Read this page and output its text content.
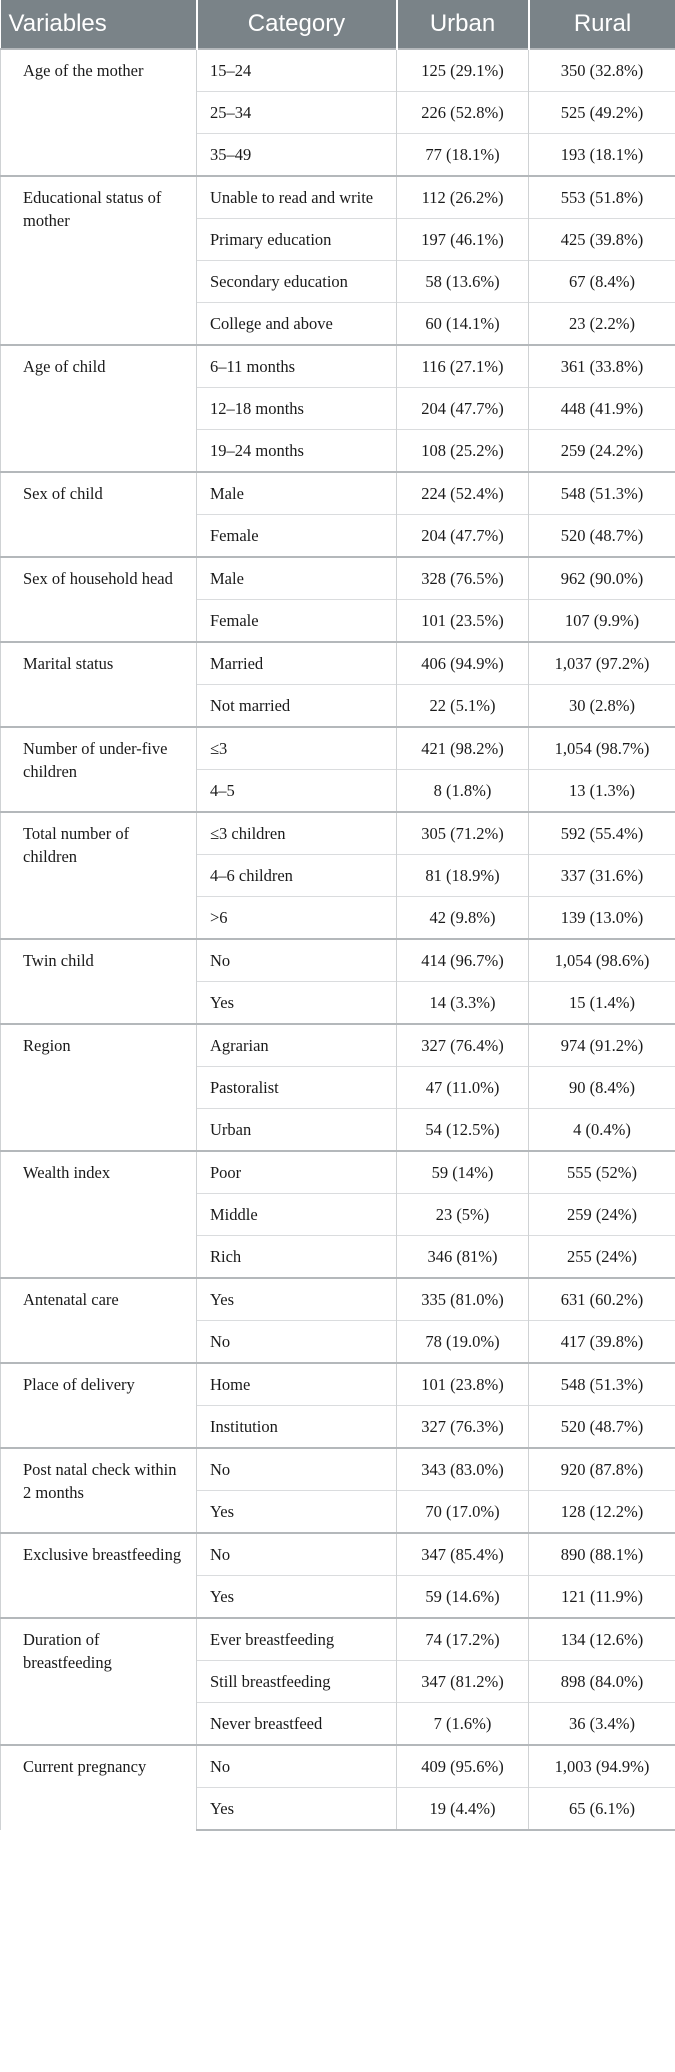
Variables	Category	Urban	Rural
Age of the mother	15–24	125 (29.1%)	350 (32.8%)
	25–34	226 (52.8%)	525 (49.2%)
	35–49	77 (18.1%)	193 (18.1%)
Educational status of mother	Unable to read and write	112 (26.2%)	553 (51.8%)
	Primary education	197 (46.1%)	425 (39.8%)
	Secondary education	58 (13.6%)	67 (8.4%)
	College and above	60 (14.1%)	23 (2.2%)
Age of child	6–11 months	116 (27.1%)	361 (33.8%)
	12–18 months	204 (47.7%)	448 (41.9%)
	19–24 months	108 (25.2%)	259 (24.2%)
Sex of child	Male	224 (52.4%)	548 (51.3%)
	Female	204 (47.7%)	520 (48.7%)
Sex of household head	Male	328 (76.5%)	962 (90.0%)
	Female	101 (23.5%)	107 (9.9%)
Marital status	Married	406 (94.9%)	1,037 (97.2%)
	Not married	22 (5.1%)	30 (2.8%)
Number of under-five children	≤3	421 (98.2%)	1,054 (98.7%)
	4–5	8 (1.8%)	13 (1.3%)
Total number of children	≤3 children	305 (71.2%)	592 (55.4%)
	4–6 children	81 (18.9%)	337 (31.6%)
	>6	42 (9.8%)	139 (13.0%)
Twin child	No	414 (96.7%)	1,054 (98.6%)
	Yes	14 (3.3%)	15 (1.4%)
Region	Agrarian	327 (76.4%)	974 (91.2%)
	Pastoralist	47 (11.0%)	90 (8.4%)
	Urban	54 (12.5%)	4 (0.4%)
Wealth index	Poor	59 (14%)	555 (52%)
	Middle	23 (5%)	259 (24%)
	Rich	346 (81%)	255 (24%)
Antenatal care	Yes	335 (81.0%)	631 (60.2%)
	No	78 (19.0%)	417 (39.8%)
Place of delivery	Home	101 (23.8%)	548 (51.3%)
	Institution	327 (76.3%)	520 (48.7%)
Post natal check within 2 months	No	343 (83.0%)	920 (87.8%)
	Yes	70 (17.0%)	128 (12.2%)
Exclusive breastfeeding	No	347 (85.4%)	890 (88.1%)
	Yes	59 (14.6%)	121 (11.9%)
Duration of breastfeeding	Ever breastfeeding	74 (17.2%)	134 (12.6%)
	Still breastfeeding	347 (81.2%)	898 (84.0%)
	Never breastfeed	7 (1.6%)	36 (3.4%)
Current pregnancy	No	409 (95.6%)	1,003 (94.9%)
	Yes	19 (4.4%)	65 (6.1%)
